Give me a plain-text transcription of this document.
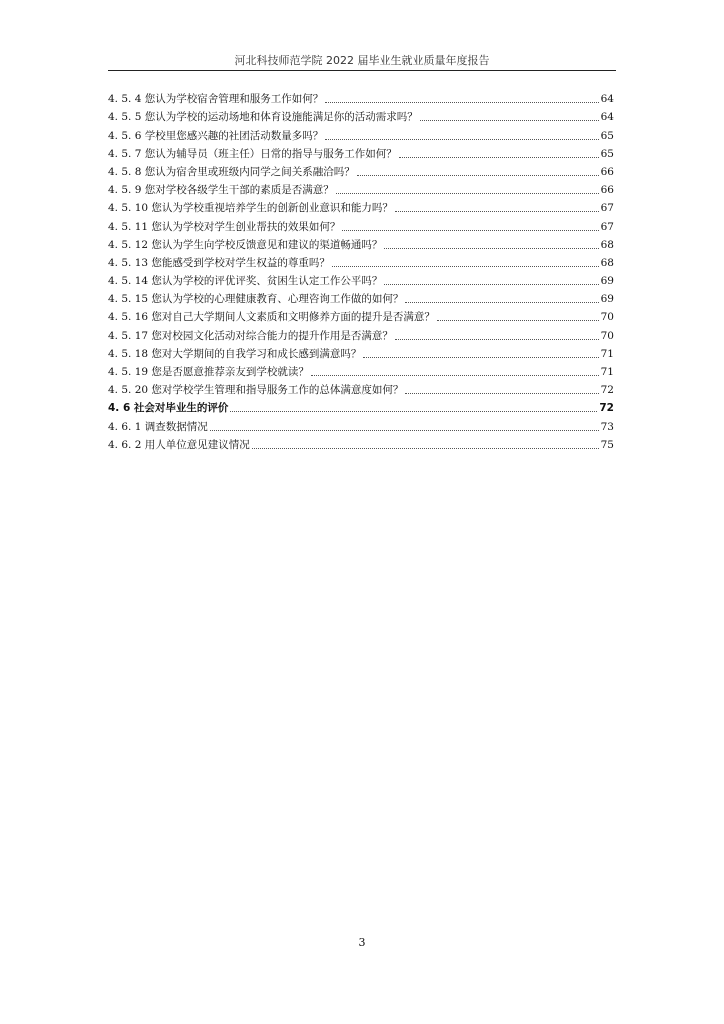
河北科技师范学院 2022 届毕业生就业质量年度报告
4. 5. 4 您认为学校宿舍管理和服务工作如何？	64
4. 5. 5 您认为学校的运动场地和体育设施能满足你的活动需求吗？	64
4. 5. 6 学校里您感兴趣的社团活动数量多吗？	65
4. 5. 7 您认为辅导员（班主任）日常的指导与服务工作如何？	65
4. 5. 8 您认为宿舍里或班级内同学之间关系融洽吗？	66
4. 5. 9 您对学校各级学生干部的素质是否满意？	66
4. 5. 10 您认为学校重视培养学生的创新创业意识和能力吗？	67
4. 5. 11 您认为学校对学生创业帮扶的效果如何？	67
4. 5. 12 您认为学生向学校反馈意见和建议的渠道畅通吗？	68
4. 5. 13 您能感受到学校对学生权益的尊重吗？	68
4. 5. 14 您认为学校的评优评奖、贫困生认定工作公平吗？	69
4. 5. 15 您认为学校的心理健康教育、心理咨询工作做的如何？	69
4. 5. 16 您对自己大学期间人文素质和文明修养方面的提升是否满意？	70
4. 5. 17 您对校园文化活动对综合能力的提升作用是否满意？	70
4. 5. 18 您对大学期间的自我学习和成长感到满意吗？	71
4. 5. 19 您是否愿意推荐亲友到学校就读？	71
4. 5. 20 您对学校学生管理和指导服务工作的总体满意度如何？	72
4. 6 社会对毕业生的评价	72
4. 6. 1 调查数据情况	73
4. 6. 2 用人单位意见建议情况	75
3
